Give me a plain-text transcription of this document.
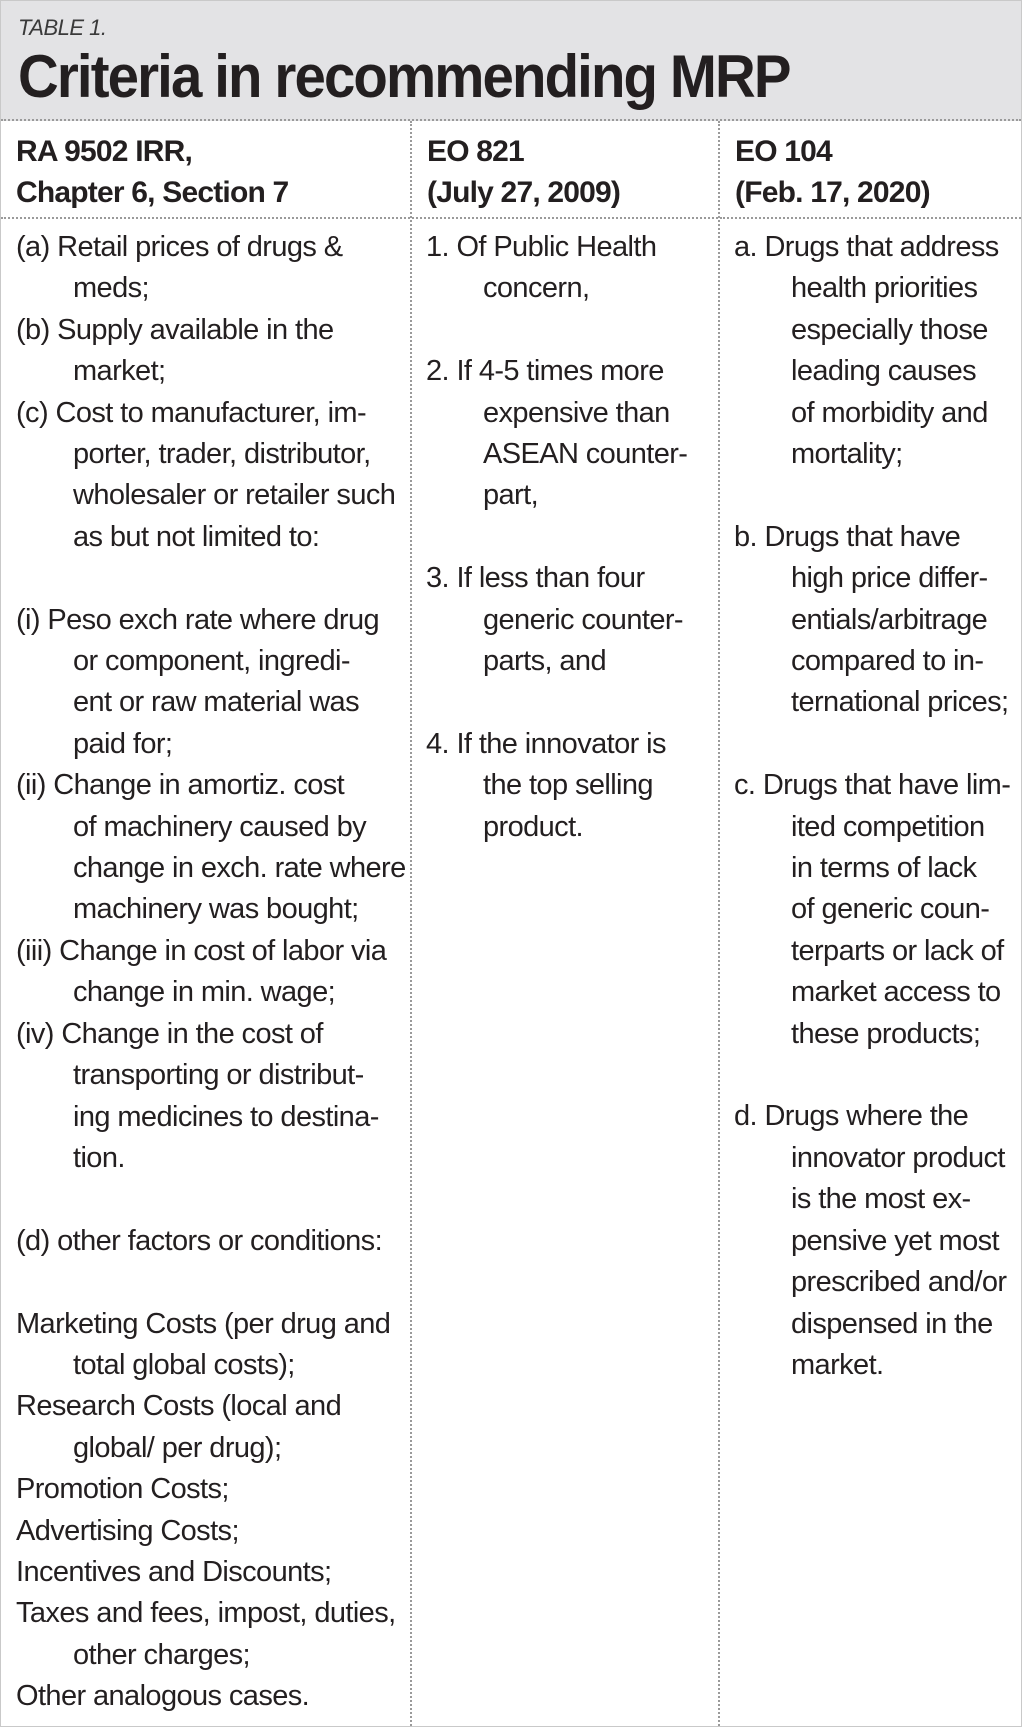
TABLE 1.
Criteria in recommending MRP
RA 9502 IRR,
Chapter 6, Section 7
(a) Retail prices of drugs &
meds;
(b) Supply available in the
market;
(c) Cost to manufacturer, im-
porter, trader, distributor,
wholesaler or retailer such
as but not limited to:
(i) Peso exch rate where drug
or component, ingredi-
ent or raw material was
paid for;
(ii) Change in amortiz. cost
of machinery caused by
change in exch. rate where
machinery was bought;
(iii) Change in cost of labor via
change in min. wage;
(iv) Change in the cost of
transporting or distribut-
ing medicines to destina-
tion.
(d) other factors or conditions:
Marketing Costs (per drug and
total global costs);
Research Costs (local and
global/ per drug);
Promotion Costs;
Advertising Costs;
Incentives and Discounts;
Taxes and fees, impost, duties,
other charges;
Other analogous cases.
EO 821
(July 27, 2009)
1. Of Public Health
concern,
2. If 4-5 times more
expensive than
ASEAN counter-
part,
3. If less than four
generic counter-
parts, and
4. If the innovator is
the top selling
product.
EO 104
(Feb. 17, 2020)
a. Drugs that address
health priorities
especially those
leading causes
of morbidity and
mortality;
b. Drugs that have
high price differ-
entials/arbitrage
compared to in-
ternational prices;
c. Drugs that have lim-
ited competition
in terms of lack
of generic coun-
terparts or lack of
market access to
these products;
d. Drugs where the
innovator product
is the most ex-
pensive yet most
prescribed and/or
dispensed in the
market.
